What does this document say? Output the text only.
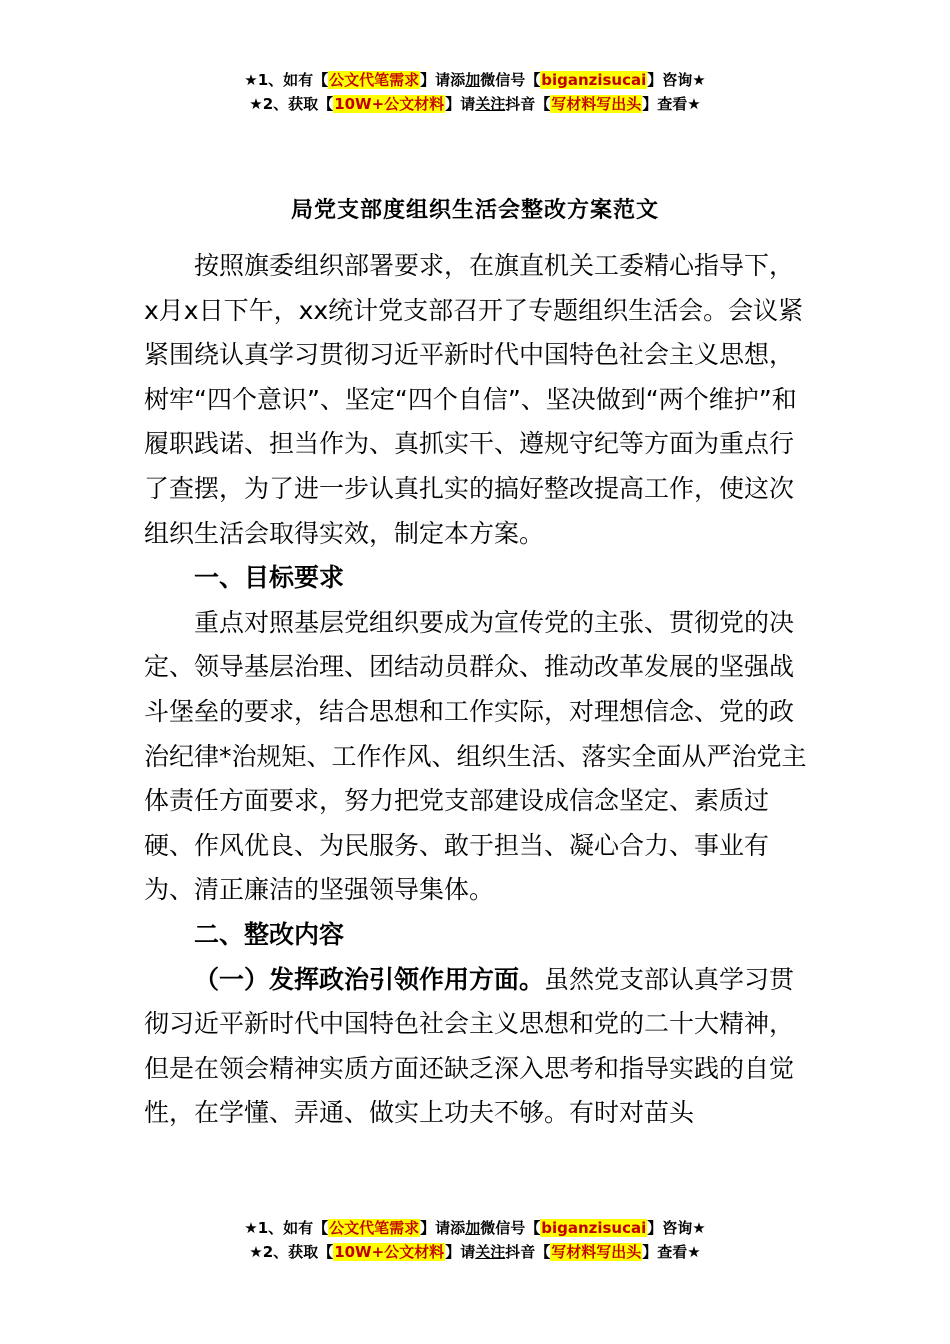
★1、如有【公文代笔需求】请添加微信号【biganzisucai】咨询★
★2、获取【10W+公文材料】请关注抖音【写材料写出头】查看★
局党支部度组织生活会整改方案范文

按照旗委组织部署要求，在旗直机关工委精心指导下，x月x日下午，xx统计党支部召开了专题组织生活会。会议紧紧围绕认真学习贯彻习近平新时代中国特色社会主义思想，树牢“四个意识”、坚定“四个自信”、坚决做到“两个维护”和履职践诺、担当作为、真抓实干、遵规守纪等方面为重点行了查摆，为了进一步认真扎实的搞好整改提高工作，使这次组织生活会取得实效，制定本方案。

一、目标要求

重点对照基层党组织要成为宣传党的主张、贯彻党的决定、领导基层治理、团结动员群众、推动改革发展的坚强战斗堡垒的要求，结合思想和工作实际，对理想信念、党的政治纪律*治规矩、工作作风、组织生活、落实全面从严治党主体责任方面要求，努力把党支部建设成信念坚定、素质过硬、作风优良、为民服务、敢于担当、凝心合力、事业有为、清正廉洁的坚强领导集体。

二、整改内容

（一）发挥政治引领作用方面。虽然党支部认真学习贯彻习近平新时代中国特色社会主义思想和党的二十大精神，但是在领会精神实质方面还缺乏深入思考和指导实践的自觉性，在学懂、弄通、做实上功夫不够。有时对苗头

★1、如有【公文代笔需求】请添加微信号【biganzisucai】咨询★
★2、获取【10W+公文材料】请关注抖音【写材料写出头】查看★
